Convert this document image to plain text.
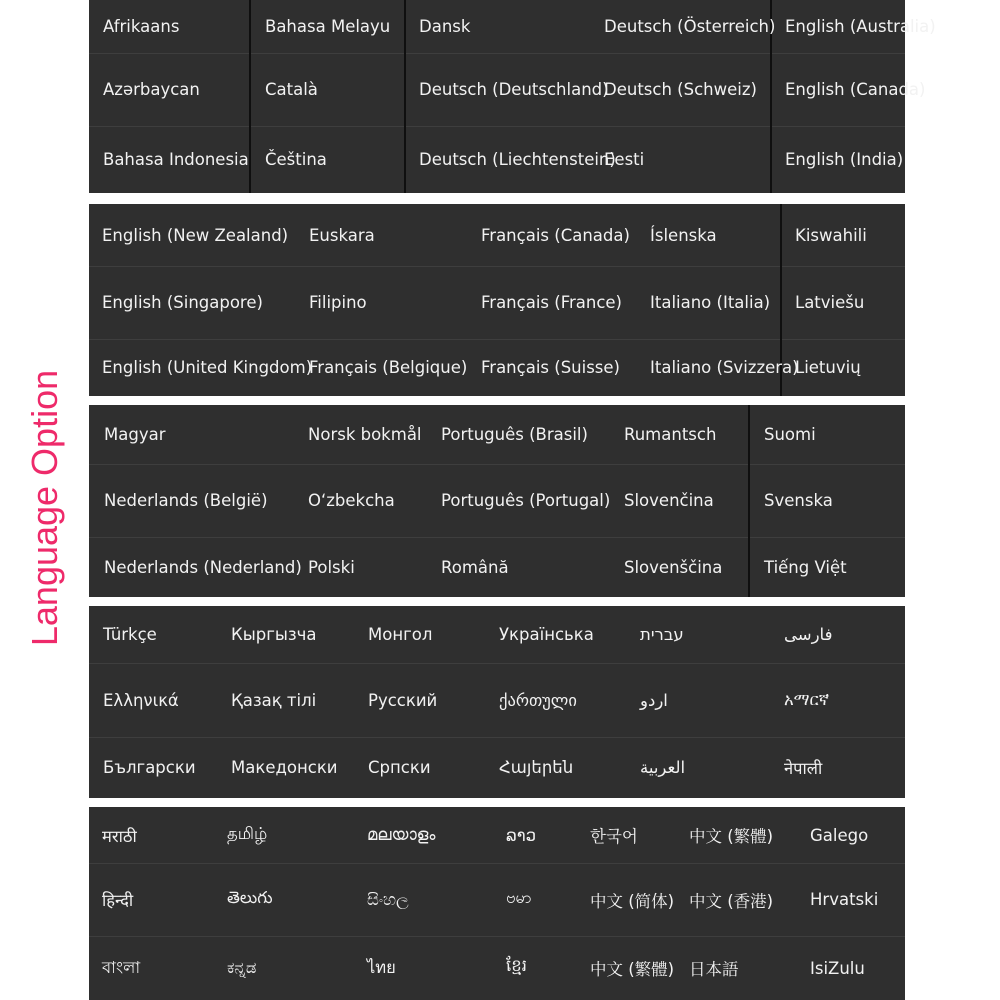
Language Option
Afrikaans
Azərbaycan
Bahasa Indonesia
Bahasa Melayu
Català
Čeština
Dansk
Deutsch (Deutschland)
Deutsch (Liechtenstein)
Deutsch (Österreich)
Deutsch (Schweiz)
Eesti
English (Australia)
English (Canada)
English (India)
English (New Zealand)
English (Singapore)
English (United Kingdom)
Euskara
Filipino
Français (Belgique)
Français (Canada)
Français (France)
Français (Suisse)
Íslenska
Italiano (Italia)
Italiano (Svizzera)
Kiswahili
Latviešu
Lietuvių
Magyar
Nederlands (België)
Nederlands (Nederland)
Norsk bokmål
O‘zbekcha
Polski
Português (Brasil)
Português (Portugal)
Română
Rumantsch
Slovenčina
Slovenščina
Suomi
Svenska
Tiếng Việt
Türkçe
Ελληνικά
Български
Кыргызча
Қазақ тілі
Македонски
Монгол
Русский
Српски
Українська
ქართული
Հայերեն
עברית
اردو
العربية
فارسی
አማርኛ
नेपाली
मराठी
हिन्दी
বাংলা
தமிழ்
తెలుగు
ಕನ್ನಡ
മലയാളം
සිංහල
ไทย
ລາວ
ဗမာ
ខ្មែរ
한국어
中文 (简体)
中文 (繁體)
中文 (繁體)
中文 (香港)
日本語
Galego
Hrvatski
IsiZulu
